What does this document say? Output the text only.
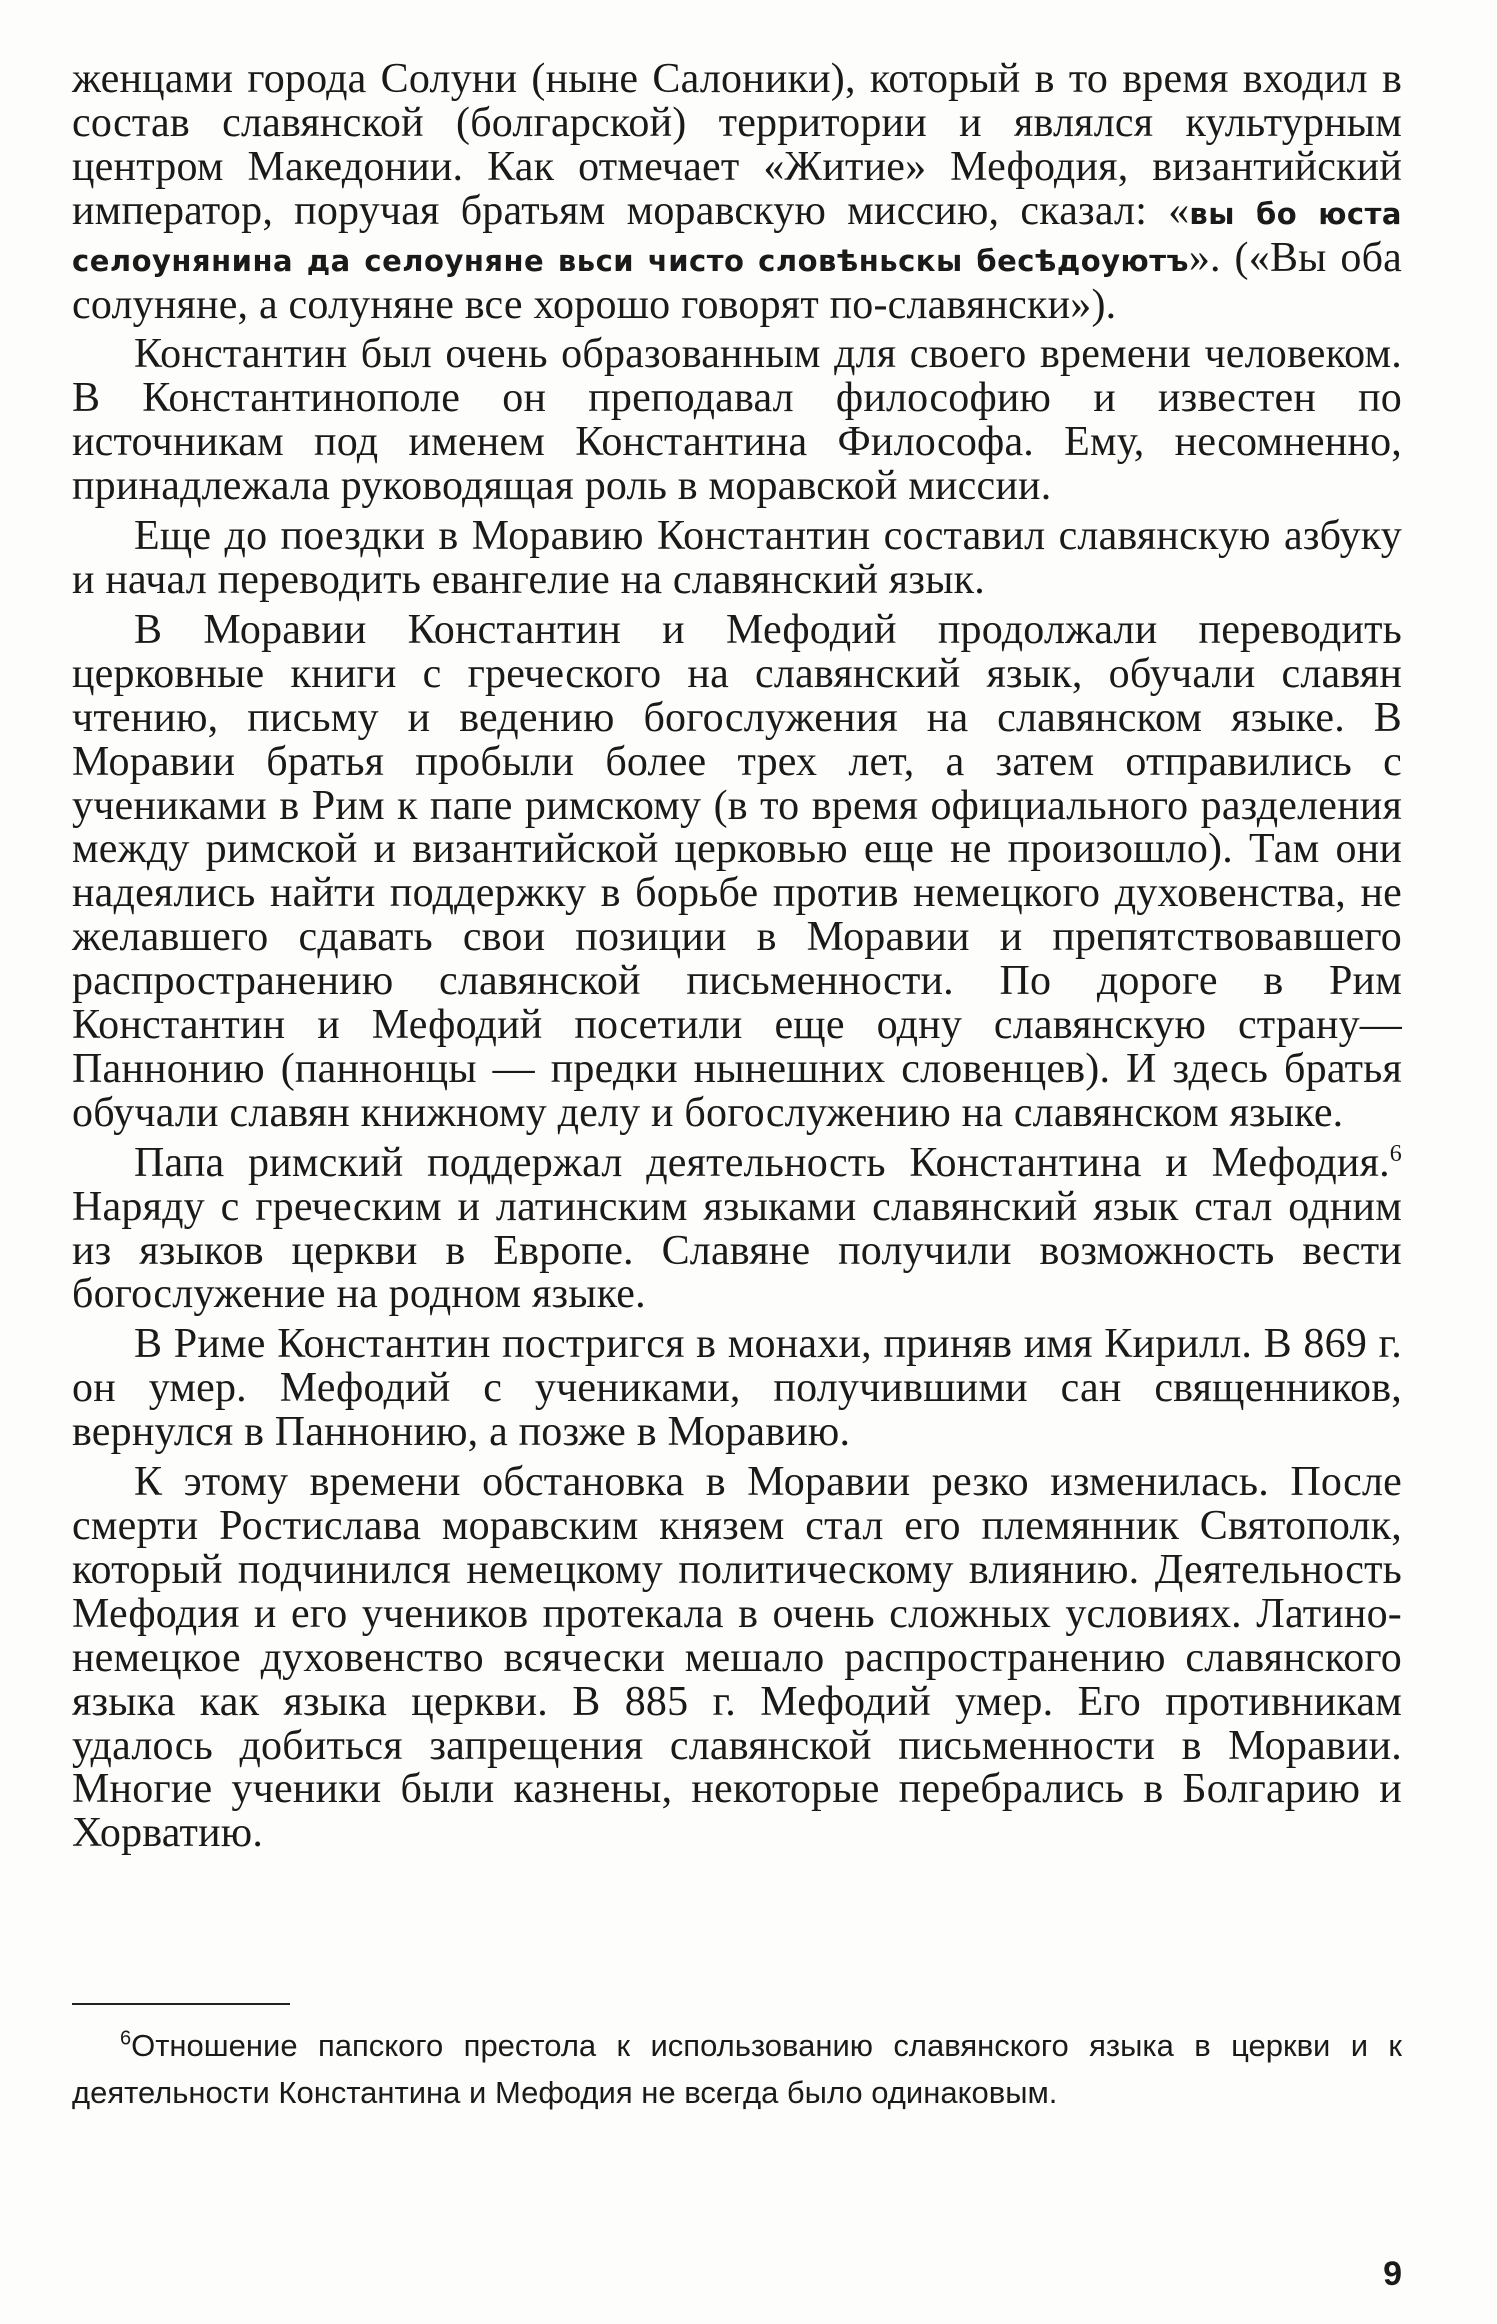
женцами города Солуни (ныне Салоники), который в то время входил в состав славянской (болгарской) территории и являлся культурным центром Македонии. Как отмечает «Житие» Мефодия, византийский император, поручая братьям моравскую миссию, сказал: «вы бо юста селоунянина да селоуняне вьси чисто словѣньскы бесѣдоуютъ». («Вы оба солуняне, а солуняне все хорошо говорят по-славянски»).

Константин был очень образованным для своего времени человеком. В Константинополе он преподавал философию и известен по источникам под именем Константина Философа. Ему, несомненно, принадлежала руководящая роль в моравской миссии.

Еще до поездки в Моравию Константин составил славянскую азбуку и начал переводить евангелие на славянский язык.

В Моравии Константин и Мефодий продолжали переводить церковные книги с греческого на славянский язык, обучали славян чтению, письму и ведению богослужения на славянском языке. В Моравии братья пробыли более трех лет, а затем отправились с учениками в Рим к папе римскому (в то время официального разделения между римской и византийской церковью еще не произошло). Там они надеялись найти поддержку в борьбе против немецкого духовенства, не желавшего сдавать свои позиции в Моравии и препятствовавшего распространению славянской письменности. По дороге в Рим Константин и Мефодий посетили еще одну славянскую страну—Паннонию (паннонцы — предки нынешних словенцев). И здесь братья обучали славян книжному делу и богослужению на славянском языке.

Папа римский поддержал деятельность Константина и Мефодия.$^6$ Наряду с греческим и латинским языками славянский язык стал одним из языков церкви в Европе. Славяне получили возможность вести богослужение на родном языке.

В Риме Константин постригся в монахи, приняв имя Кирилл. В 869 г. он умер. Мефодий с учениками, получившими сан священников, вернулся в Паннонию, а позже в Моравию.

К этому времени обстановка в Моравии резко изменилась. После смерти Ростислава моравским князем стал его племянник Святополк, который подчинился немецкому политическому влиянию. Деятельность Мефодия и его учеников протекала в очень сложных условиях. Латино-немецкое духовенство всячески мешало распространению славянского языка как языка церкви. В 885 г. Мефодий умер. Его противникам удалось добиться запрещения славянской письменности в Моравии. Многие ученики были казнены, некоторые перебрались в Болгарию и Хорватию.

$^6$Отношение папского престола к использованию славянского языка в церкви и к деятельности Константина и Мефодия не всегда было одинаковым.

9
